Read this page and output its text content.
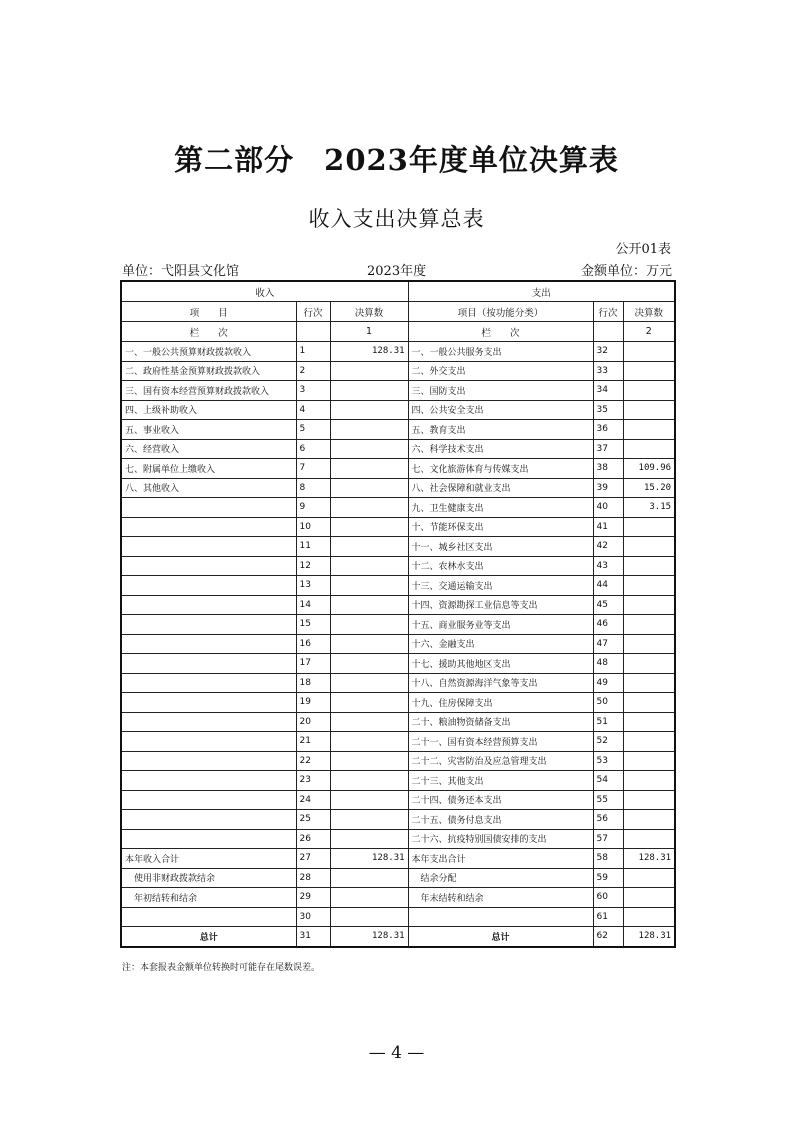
第二部分　2023年度单位决算表
收入支出决算总表
公开01表
单位：弋阳县文化馆	2023年度	金额单位：万元
收入			支出		
项　　目	行次	决算数	项目（按功能分类）	行次	决算数
栏　　次		1	栏　　次		2
一、一般公共预算财政拨款收入	1	128.31	一、一般公共服务支出	32	
二、政府性基金预算财政拨款收入	2		二、外交支出	33	
三、国有资本经营预算财政拨款收入	3		三、国防支出	34	
四、上级补助收入	4		四、公共安全支出	35	
五、事业收入	5		五、教育支出	36	
六、经营收入	6		六、科学技术支出	37	
七、附属单位上缴收入	7		七、文化旅游体育与传媒支出	38	109.96
八、其他收入	8		八、社会保障和就业支出	39	15.20
	9		九、卫生健康支出	40	3.15
	10		十、节能环保支出	41	
	11		十一、城乡社区支出	42	
	12		十二、农林水支出	43	
	13		十三、交通运输支出	44	
	14		十四、资源勘探工业信息等支出	45	
	15		十五、商业服务业等支出	46	
	16		十六、金融支出	47	
	17		十七、援助其他地区支出	48	
	18		十八、自然资源海洋气象等支出	49	
	19		十九、住房保障支出	50	
	20		二十、粮油物资储备支出	51	
	21		二十一、国有资本经营预算支出	52	
	22		二十二、灾害防治及应急管理支出	53	
	23		二十三、其他支出	54	
	24		二十四、债务还本支出	55	
	25		二十五、债务付息支出	56	
	26		二十六、抗疫特别国债安排的支出	57	
本年收入合计	27	128.31	本年支出合计	58	128.31
使用非财政拨款结余	28		结余分配	59	
年初结转和结余	29		年末结转和结余	60	
	30			61	
总计	31	128.31	总计	62	128.31
注：本套报表金额单位转换时可能存在尾数误差。
— 4 —
